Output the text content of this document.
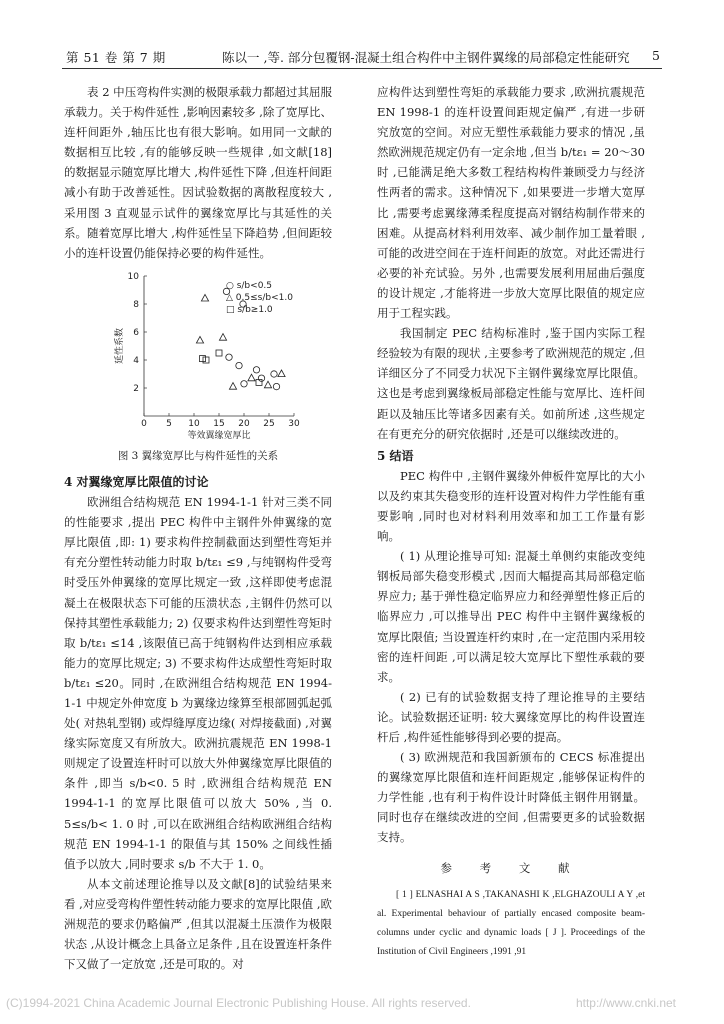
第 51 卷 第 7 期	陈以一 ,等. 部分包覆钢-混凝土组合构件中主钢件翼缘的局部稳定性能研究 5

表 2 中压弯构件实测的极限承载力都超过其屈服承载力。关于构件延性 ,影响因素较多 ,除了宽厚比、连杆间距外 ,轴压比也有很大影响。如用同一文献的数据相互比较 ,有的能够反映一些规律 ,如文献[18]的数据显示随宽厚比增大 ,构件延性下降 ,但连杆间距减小有助于改善延性。因试验数据的离散程度较大 ,采用图 3 直观显示试件的翼缘宽厚比与其延性的关系。随着宽厚比增大 ,构件延性呈下降趋势 ,但间距较小的连杆设置仍能保持必要的构件延性。

0 5 10 15 20 25 30
2
4
6
8
10
等效翼缘宽厚比
延性系数
○ s/b<0.5
△ 0.5≤s/b<1.0
□ s/b≥1.0
图 3 翼缘宽厚比与构件延性的关系
4 对翼缘宽厚比限值的讨论

欧洲组合结构规范 EN 1994-1-1 针对三类不同的性能要求 ,提出 PEC 构件中主钢件外伸翼缘的宽厚比限值 ,即: 1) 要求构件控制截面达到塑性弯矩并有充分塑性转动能力时取 b/tε₁ ≤9 ,与纯钢构件受弯时受压外伸翼缘的宽厚比规定一致 ,这样即使考虑混凝土在极限状态下可能的压溃状态 ,主钢件仍然可以保持其塑性承载能力; 2) 仅要求构件达到塑性弯矩时取 b/tε₁ ≤14 ,该限值已高于纯钢构件达到相应承载能力的宽厚比规定; 3) 不要求构件达成塑性弯矩时取 b/tε₁ ≤20。同时 ,在欧洲组合结构规范 EN 1994-1-1 中规定外伸宽度 b 为翼缘边缘算至根部圆弧起弧处( 对热轧型钢) 或焊缝厚度边缘( 对焊接截面) ,对翼缘实际宽度又有所放大。欧洲抗震规范 EN 1998-1 则规定了设置连杆时可以放大外伸翼缘宽厚比限值的条件 ,即当 s/b<0. 5 时 ,欧洲组合结构规范 EN 1994-1-1 的宽厚比限值可以放大 50% ,当 0. 5≤s/b< 1. 0 时 ,可以在欧洲组合结构欧洲组合结构规范 EN 1994-1-1 的限值与其 150% 之间线性插值予以放大 ,同时要求 s/b 不大于 1. 0。

从本文前述理论推导以及文献[8]的试验结果来看 ,对应受弯构件塑性转动能力要求的宽厚比限值 ,欧洲规范的要求仍略偏严 ,但其以混凝土压溃作为极限状态 ,从设计概念上具备立足条件 ,且在设置连杆条件下又做了一定放宽 ,还是可取的。对

应构件达到塑性弯矩的承载能力要求 ,欧洲抗震规范 EN 1998-1 的连杆设置间距规定偏严 ,有进一步研究放宽的空间。对应无塑性承载能力要求的情况 ,虽然欧洲规范规定仍有一定余地 ,但当 b/tε₁ = 20～30 时 ,已能满足绝大多数工程结构构件兼顾受力与经济性两者的需求。这种情况下 ,如果要进一步增大宽厚比 ,需要考虑翼缘薄柔程度提高对钢结构制作带来的困难。从提高材料利用效率、减少制作加工量着眼 ,可能的改进空间在于连杆间距的放宽。对此还需进行必要的补充试验。另外 ,也需要发展利用屈曲后强度的设计规定 ,才能将进一步放大宽厚比限值的规定应用于工程实践。

我国制定 PEC 结构标准时 ,鉴于国内实际工程经验较为有限的现状 ,主要参考了欧洲规范的规定 ,但详细区分了不同受力状况下主钢件翼缘宽厚比限值。这也是考虑到翼缘板局部稳定性能与宽厚比、连杆间距以及轴压比等诸多因素有关。如前所述 ,这些规定在有更充分的研究依据时 ,还是可以继续改进的。

5 结语

PEC 构件中 ,主钢件翼缘外伸板件宽厚比的大小以及约束其失稳变形的连杆设置对构件力学性能有重要影响 ,同时也对材料利用效率和加工工作量有影响。

( 1) 从理论推导可知: 混凝土单侧约束能改变纯钢板局部失稳变形模式 ,因而大幅提高其局部稳定临界应力; 基于弹性稳定临界应力和经弹塑性修正后的临界应力 ,可以推导出 PEC 构件中主钢件翼缘板的宽厚比限值; 当设置连杆约束时 ,在一定范围内采用较密的连杆间距 ,可以满足较大宽厚比下塑性承载的要求。

( 2) 已有的试验数据支持了理论推导的主要结论。试验数据还证明: 较大翼缘宽厚比的构件设置连杆后 ,构件延性能够得到必要的提高。

( 3) 欧洲规范和我国新颁布的 CECS 标准提出的翼缘宽厚比限值和连杆间距规定 ,能够保证构件的力学性能 ,也有利于构件设计时降低主钢件用钢量。同时也存在继续改进的空间 ,但需要更多的试验数据支持。

参 考 文 献

[ 1 ] ELNASHAI A S ,TAKANASHI K ,ELGHAZOULI A Y ,et al. Experimental behaviour of partially encased composite beam-columns under cyclic and dynamic loads [ J ]. Proceedings of the Institution of Civil Engineers ,1991 ,91

(C)1994-2021 China Academic Journal Electronic Publishing House. All rights reserved.	http://www.cnki.net
